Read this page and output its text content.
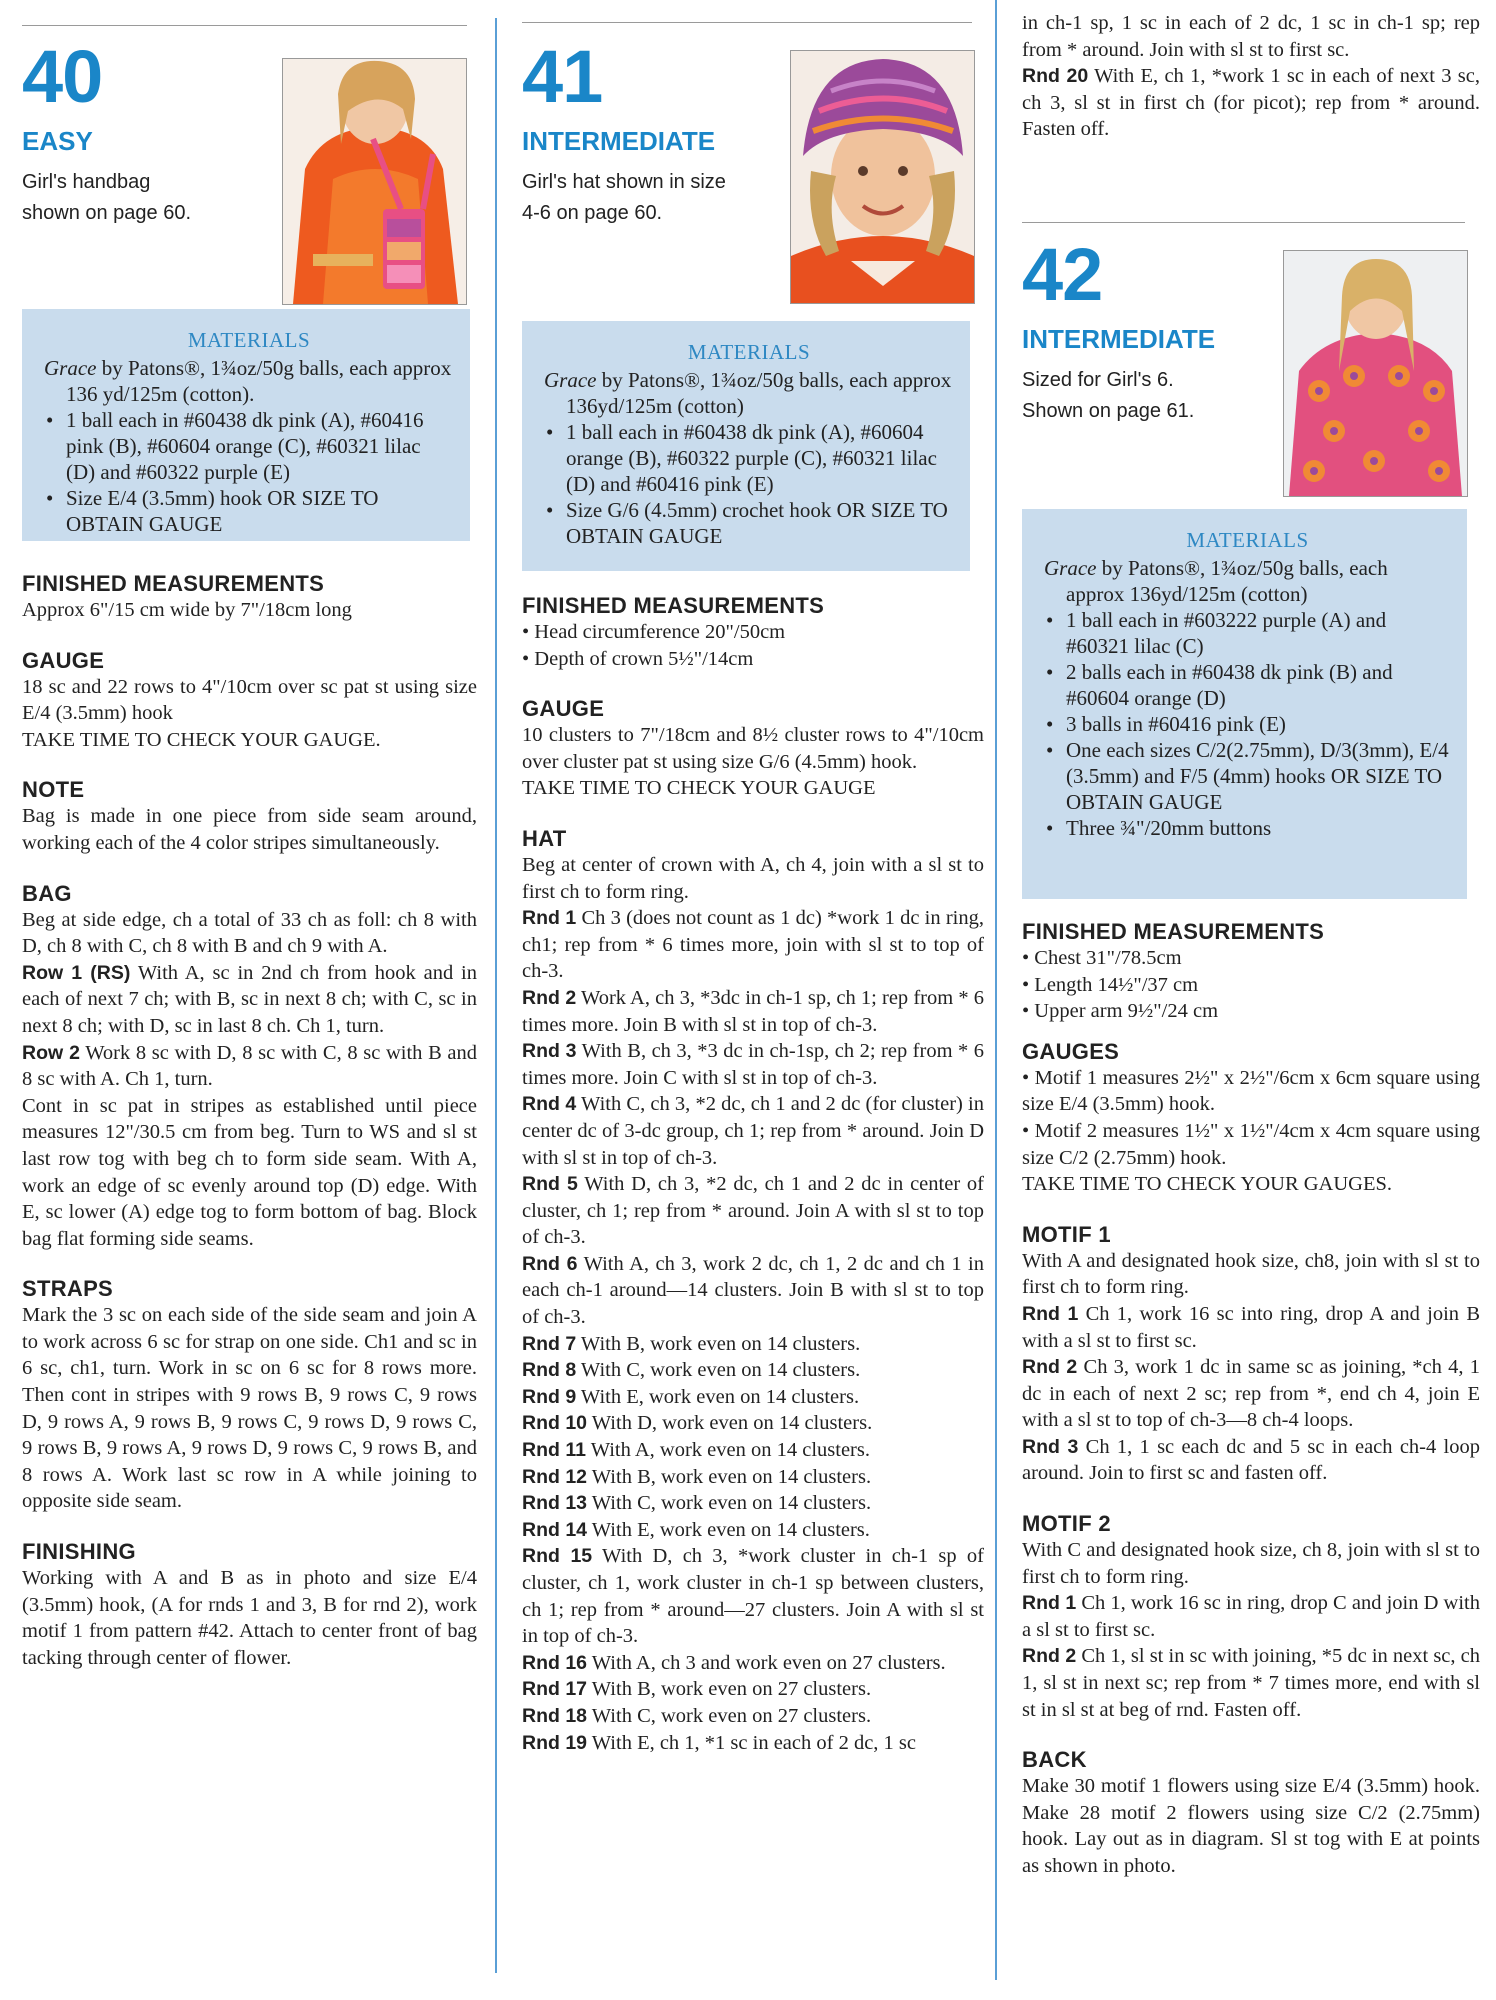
40
EASY
Girl's handbag
shown on page 60.
MATERIALS
Grace by Patons®, 1¾oz/50g balls, each approx 136 yd/125m (cotton).
• 1 ball each in #60438 dk pink (A), #60416 pink (B), #60604 orange (C), #60321 lilac (D) and #60322 purple (E)
• Size E/4 (3.5mm) hook OR SIZE TO OBTAIN GAUGE
FINISHED MEASUREMENTS

Approx 6"/15 cm wide by 7"/18cm long

GAUGE

18 sc and 22 rows to 4"/10cm over sc pat st using size E/4 (3.5mm) hook

TAKE TIME TO CHECK YOUR GAUGE.

NOTE

Bag is made in one piece from side seam around, working each of the 4 color stripes simultaneously.

BAG

Beg at side edge, ch a total of 33 ch as foll: ch 8 with D, ch 8 with C, ch 8 with B and ch 9 with A.

Row 1 (RS) With A, sc in 2nd ch from hook and in each of next 7 ch; with B, sc in next 8 ch; with C, sc in next 8 ch; with D, sc in last 8 ch. Ch 1, turn.

Row 2 Work 8 sc with D, 8 sc with C, 8 sc with B and 8 sc with A. Ch 1, turn.

Cont in sc pat in stripes as established until piece measures 12"/30.5 cm from beg. Turn to WS and sl st last row tog with beg ch to form side seam. With A, work an edge of sc evenly around top (D) edge. With E, sc lower (A) edge tog to form bottom of bag. Block bag flat forming side seams.

STRAPS

Mark the 3 sc on each side of the side seam and join A to work across 6 sc for strap on one side. Ch1 and sc in 6 sc, ch1, turn. Work in sc on 6 sc for 8 rows more. Then cont in stripes with 9 rows B, 9 rows C, 9 rows D, 9 rows A, 9 rows B, 9 rows C, 9 rows D, 9 rows C, 9 rows B, 9 rows A, 9 rows D, 9 rows C, 9 rows B, and 8 rows A. Work last sc row in A while joining to opposite side seam.

FINISHING

Working with A and B as in photo and size E/4 (3.5mm) hook, (A for rnds 1 and 3, B for rnd 2), work motif 1 from pattern #42. Attach to center front of bag tacking through center of flower.

41
INTERMEDIATE
Girl's hat shown in size
4-6 on page 60.
MATERIALS
Grace by Patons®, 1¾oz/50g balls, each approx 136yd/125m (cotton)
• 1 ball each in #60438 dk pink (A), #60604 orange (B), #60322 purple (C), #60321 lilac (D) and #60416 pink (E)
• Size G/6 (4.5mm) crochet hook OR SIZE TO OBTAIN GAUGE
FINISHED MEASUREMENTS
• Head circumference 20"/50cm
• Depth of crown 5½"/14cm
GAUGE

10 clusters to 7"/18cm and 8½ cluster rows to 4"/10cm over cluster pat st using size G/6 (4.5mm) hook.

TAKE TIME TO CHECK YOUR GAUGE

HAT

Beg at center of crown with A, ch 4, join with a sl st to first ch to form ring.

Rnd 1 Ch 3 (does not count as 1 dc) *work 1 dc in ring, ch1; rep from * 6 times more, join with sl st to top of ch-3.

Rnd 2 Work A, ch 3, *3dc in ch-1 sp, ch 1; rep from * 6 times more. Join B with sl st in top of ch-3.

Rnd 3 With B, ch 3, *3 dc in ch-1sp, ch 2; rep from * 6 times more. Join C with sl st in top of ch-3.

Rnd 4 With C, ch 3, *2 dc, ch 1 and 2 dc (for cluster) in center dc of 3-dc group, ch 1; rep from * around. Join D with sl st in top of ch-3.

Rnd 5 With D, ch 3, *2 dc, ch 1 and 2 dc in center of cluster, ch 1; rep from * around. Join A with sl st to top of ch-3.

Rnd 6 With A, ch 3, work 2 dc, ch 1, 2 dc and ch 1 in each ch-1 around—14 clusters. Join B with sl st to top of ch-3.

Rnd 7 With B, work even on 14 clusters.

Rnd 8 With C, work even on 14 clusters.

Rnd 9 With E, work even on 14 clusters.

Rnd 10 With D, work even on 14 clusters.

Rnd 11 With A, work even on 14 clusters.

Rnd 12 With B, work even on 14 clusters.

Rnd 13 With C, work even on 14 clusters.

Rnd 14 With E, work even on 14 clusters.

Rnd 15 With D, ch 3, *work cluster in ch-1 sp of cluster, ch 1, work cluster in ch-1 sp between clusters, ch 1; rep from * around—27 clusters. Join A with sl st in top of ch-3.

Rnd 16 With A, ch 3 and work even on 27 clusters.

Rnd 17 With B, work even on 27 clusters.

Rnd 18 With C, work even on 27 clusters.

Rnd 19 With E, ch 1, *1 sc in each of 2 dc, 1 sc

in ch-1 sp, 1 sc in each of 2 dc, 1 sc in ch-1 sp; rep from * around. Join with sl st to first sc.

Rnd 20 With E, ch 1, *work 1 sc in each of next 3 sc, ch 3, sl st in first ch (for picot); rep from * around. Fasten off.

42
INTERMEDIATE
Sized for Girl's 6.
Shown on page 61.
MATERIALS
Grace by Patons®, 1¾oz/50g balls, each approx 136yd/125m (cotton)
• 1 ball each in #603222 purple (A) and #60321 lilac (C)
• 2 balls each in #60438 dk pink (B) and #60604 orange (D)
• 3 balls in #60416 pink (E)
• One each sizes C/2(2.75mm), D/3(3mm), E/4 (3.5mm) and F/5 (4mm) hooks OR SIZE TO OBTAIN GAUGE
• Three ¾"/20mm buttons
FINISHED MEASUREMENTS
• Chest 31"/78.5cm
• Length 14½"/37 cm
• Upper arm 9½"/24 cm
GAUGES

• Motif 1 measures 2½" x 2½"/6cm x 6cm square using size E/4 (3.5mm) hook.

• Motif 2 measures 1½" x 1½"/4cm x 4cm square using size C/2 (2.75mm) hook.

TAKE TIME TO CHECK YOUR GAUGES.

MOTIF 1

With A and designated hook size, ch8, join with sl st to first ch to form ring.

Rnd 1 Ch 1, work 16 sc into ring, drop A and join B with a sl st to first sc.

Rnd 2 Ch 3, work 1 dc in same sc as joining, *ch 4, 1 dc in each of next 2 sc; rep from *, end ch 4, join E with a sl st to top of ch-3—8 ch-4 loops.

Rnd 3 Ch 1, 1 sc each dc and 5 sc in each ch-4 loop around. Join to first sc and fasten off.

MOTIF 2

With C and designated hook size, ch 8, join with sl st to first ch to form ring.

Rnd 1 Ch 1, work 16 sc in ring, drop C and join D with a sl st to first sc.

Rnd 2 Ch 1, sl st in sc with joining, *5 dc in next sc, ch 1, sl st in next sc; rep from * 7 times more, end with sl st in sl st at beg of rnd. Fasten off.

BACK

Make 30 motif 1 flowers using size E/4 (3.5mm) hook. Make 28 motif 2 flowers using size C/2 (2.75mm) hook. Lay out as in diagram. Sl st tog with E at points as shown in photo.
